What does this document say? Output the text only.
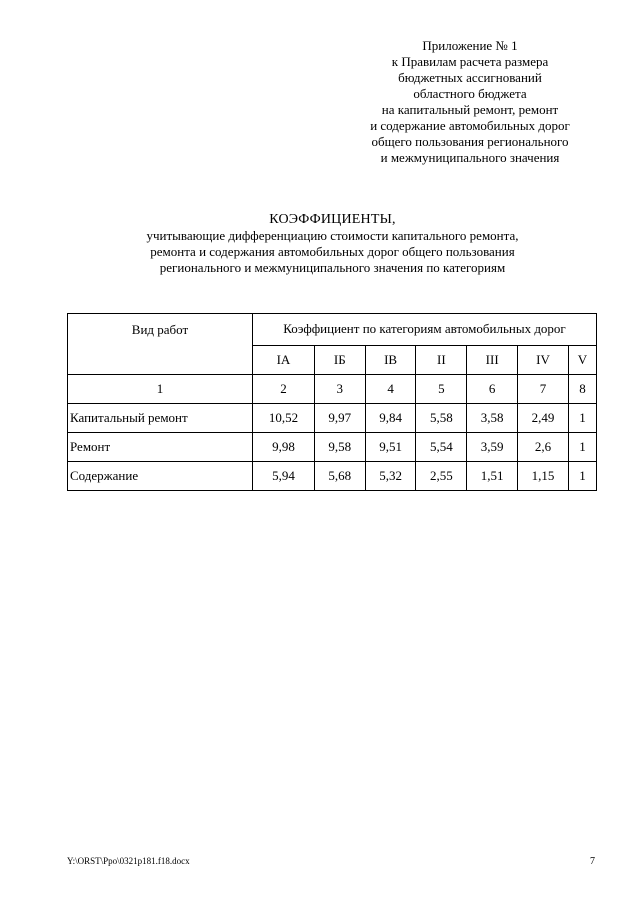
Приложение № 1
к Правилам расчета размера
бюджетных ассигнований
областного бюджета
на капитальный ремонт, ремонт
и содержание автомобильных дорог
общего пользования регионального
и межмуниципального значения
КОЭФФИЦИЕНТЫ,
учитывающие дифференциацию стоимости капитального ремонта,
ремонта и содержания автомобильных дорог общего пользования
регионального и межмуниципального значения по категориям
Вид работ	Коэффициент по категориям автомобильных дорог						
	IА	IБ	IВ	II	III	IV	V
1	2	3	4	5	6	7	8
Капитальный ремонт	10,52	9,97	9,84	5,58	3,58	2,49	1
Ремонт	9,98	9,58	9,51	5,54	3,59	2,6	1
Содержание	5,94	5,68	5,32	2,55	1,51	1,15	1
Y:\ORST\Ppo\0321p181.f18.docx	7
